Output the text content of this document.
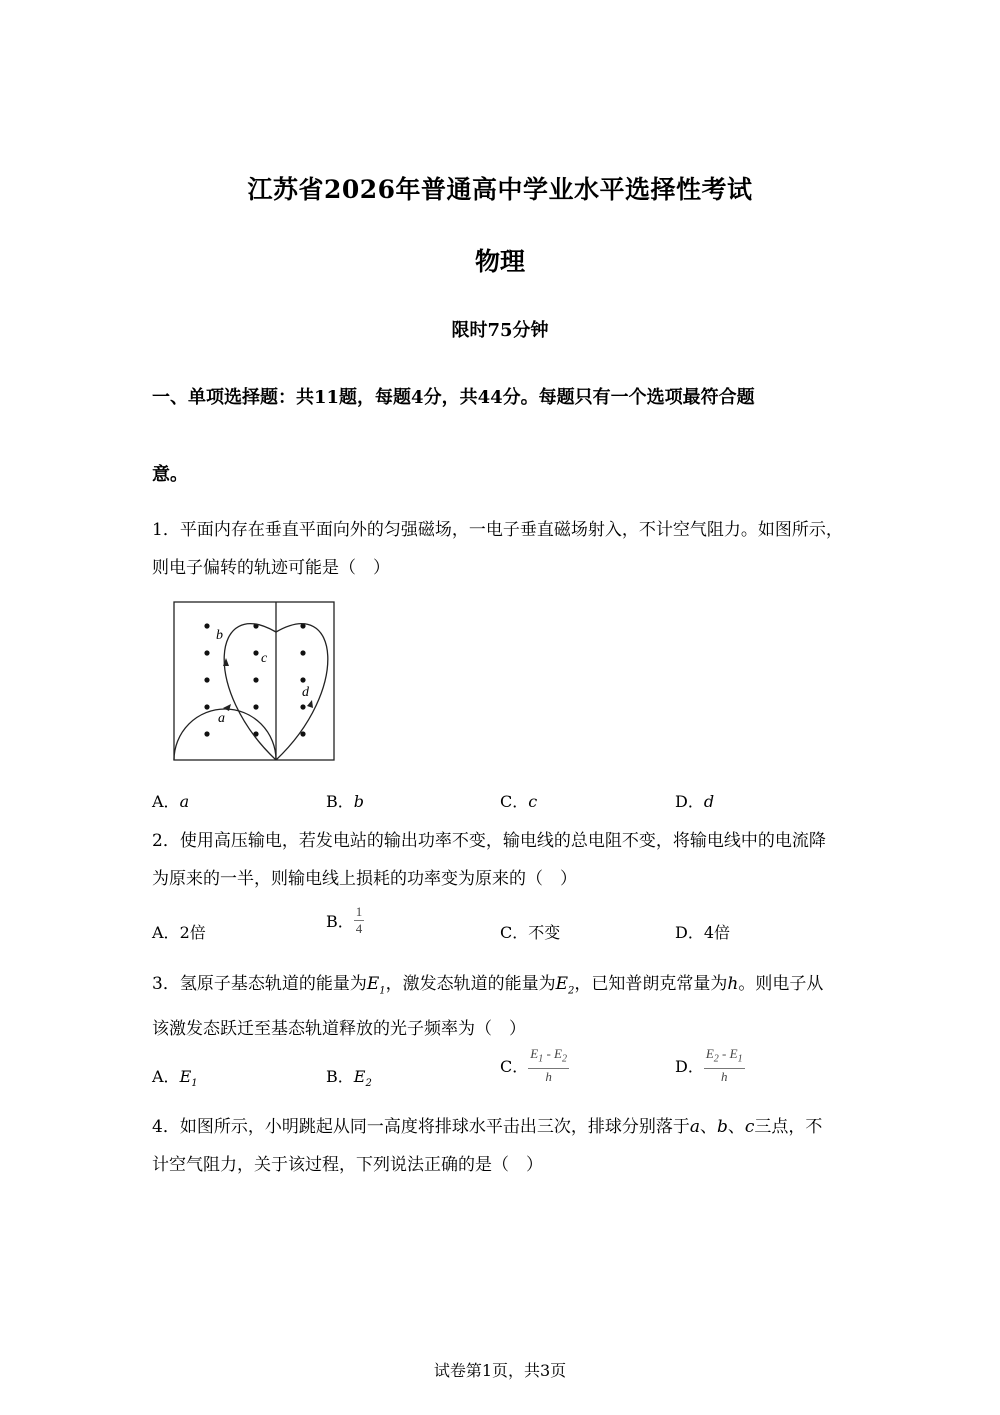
江苏省2026年普通高中学业水平选择性考试
物理
限时75分钟
一、单项选择题：共11题，每题4分，共44分。每题只有一个选项最符合题
意。
1．平面内存在垂直平面向外的匀强磁场，一电子垂直磁场射入，不计空气阻力。如图所示，
则电子偏转的轨迹可能是（　）
b
c
d
a
A．a	B．b	C．c	D．d
2．使用高压输电，若发电站的输出功率不变，输电线的总电阻不变，将输电线中的电流降
为原来的一半，则输电线上损耗的功率变为原来的（　）
A．2倍
B． $\frac{1}{4}$	C．不变	D．4倍
3．氢原子基态轨道的能量为$E_1$，激发态轨道的能量为$E_2$，已知普朗克常量为h。则电子从
该激发态跃迁至基态轨道释放的光子频率为（　）
A．$E_1$	B．$E_2$
C． $\frac{E_1 - E_2}{h}$	D． $\frac{E_2 - E_1}{h}$
4．如图所示，小明跳起从同一高度将排球水平击出三次，排球分别落于a、b、c三点，不
计空气阻力，关于该过程，下列说法正确的是（　）
试卷第1页，共3页
